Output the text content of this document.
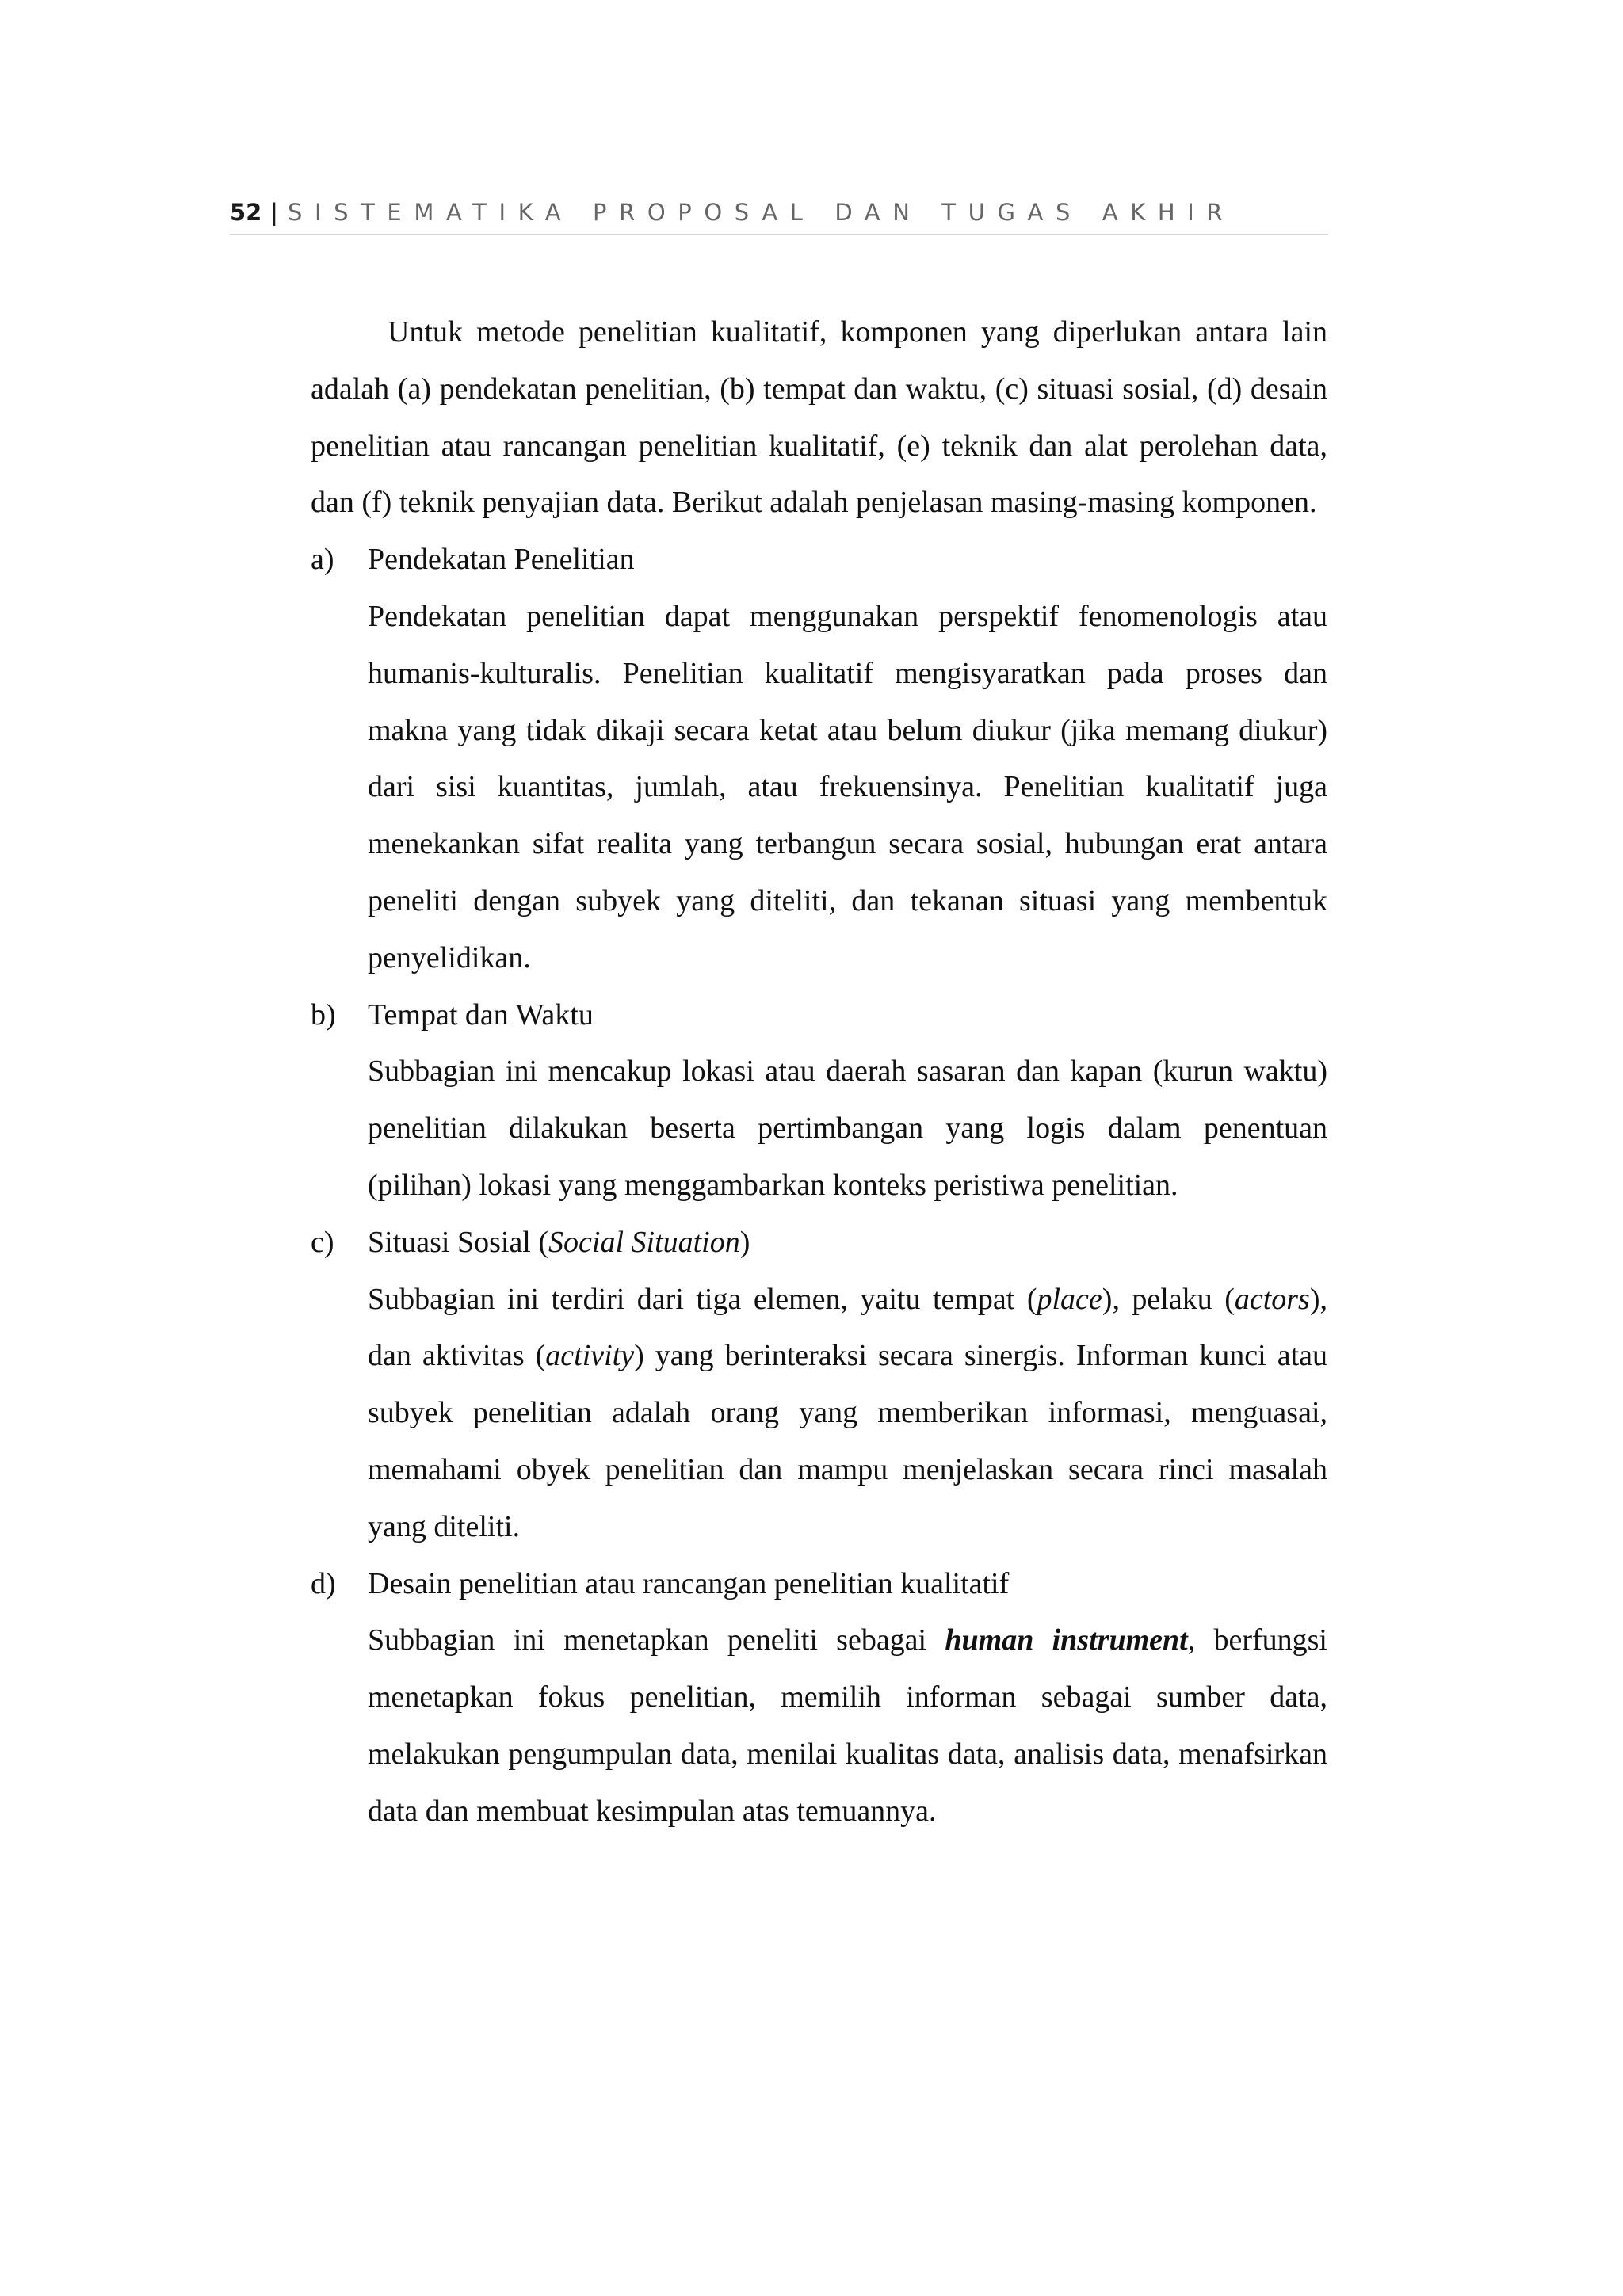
52 | SISTEMATIKA PROPOSAL DAN TUGAS AKHIR

Untuk metode penelitian kualitatif, komponen yang diperlukan antara lain adalah (a) pendekatan penelitian, (b) tempat dan waktu, (c) situasi sosial, (d) desain penelitian atau rancangan penelitian kualitatif, (e) teknik dan alat perolehan data, dan (f) teknik penyajian data. Berikut adalah penjelasan masing-masing komponen.

a) Pendekatan Penelitian

Pendekatan penelitian dapat menggunakan perspektif fenomenologis atau humanis-kulturalis. Penelitian kualitatif mengisyaratkan pada proses dan makna yang tidak dikaji secara ketat atau belum diukur (jika memang diukur) dari sisi kuantitas, jumlah, atau frekuensinya. Penelitian kualitatif juga menekankan sifat realita yang terbangun secara sosial, hubungan erat antara peneliti dengan subyek yang diteliti, dan tekanan situasi yang membentuk penyelidikan.

b) Tempat dan Waktu

Subbagian ini mencakup lokasi atau daerah sasaran dan kapan (kurun waktu) penelitian dilakukan beserta pertimbangan yang logis dalam penentuan (pilihan) lokasi yang menggambarkan konteks peristiwa penelitian.

c) Situasi Sosial (Social Situation)

Subbagian ini terdiri dari tiga elemen, yaitu tempat (place), pelaku (actors), dan aktivitas (activity) yang berinteraksi secara sinergis. Informan kunci atau subyek penelitian adalah orang yang memberikan informasi, menguasai, memahami obyek penelitian dan mampu menjelaskan secara rinci masalah yang diteliti.

d) Desain penelitian atau rancangan penelitian kualitatif

Subbagian ini menetapkan peneliti sebagai human instrument, berfungsi menetapkan fokus penelitian, memilih informan sebagai sumber data, melakukan pengumpulan data, menilai kualitas data, analisis data, menafsirkan data dan membuat kesimpulan atas temuannya.
